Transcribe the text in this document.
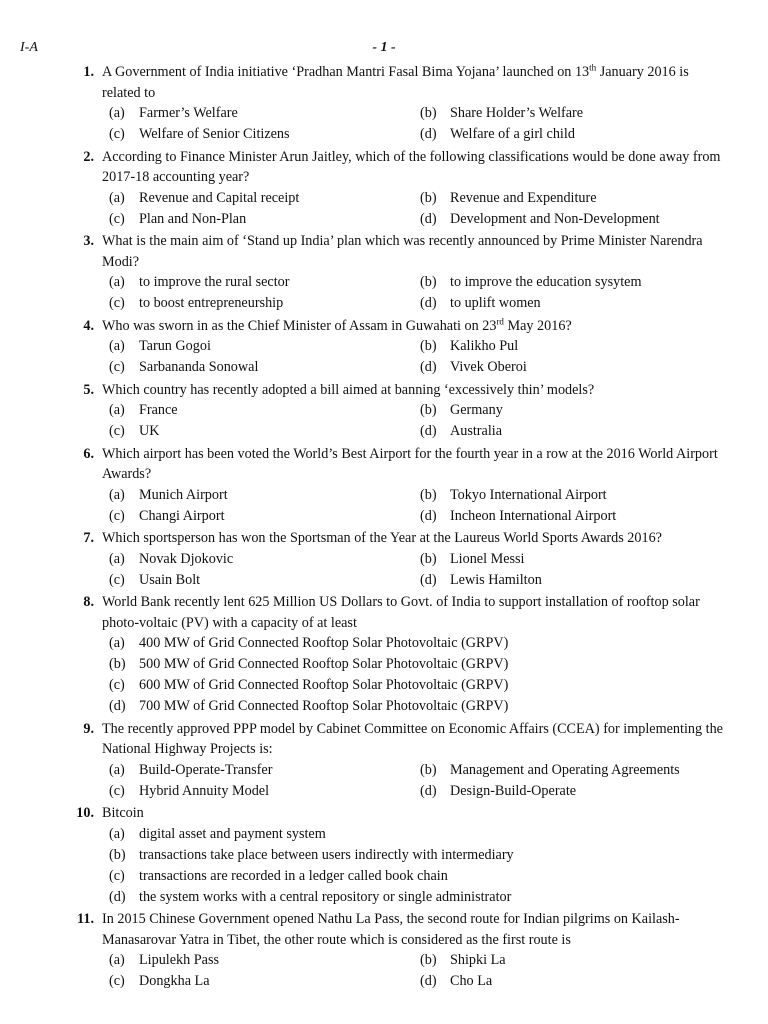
I-A	- 1 -
1. A Government of India initiative ‘Pradhan Mantri Fasal Bima Yojana’ launched on 13th January 2016 is related to
(a)	Farmer’s Welfare	(b) Share Holder’s Welfare
(c)	Welfare of Senior Citizens	(d) Welfare of a girl child
2. According to Finance Minister Arun Jaitley, which of the following classifications would be done away from 2017-18 accounting year?
(a)	Revenue and Capital receipt	(b) Revenue and Expenditure
(c)	Plan and Non-Plan	(d) Development and Non-Development
3. What is the main aim of ‘Stand up India’ plan which was recently announced by Prime Minister Narendra Modi?
(a)	to improve the rural sector	(b) to improve the education sysytem
(c)	to boost entrepreneurship	(d) to uplift women
4. Who was sworn in as the Chief Minister of Assam in Guwahati on 23rd May 2016?
(a)	Tarun Gogoi	(b) Kalikho Pul
(c)	Sarbananda Sonowal	(d) Vivek Oberoi
5. Which country has recently adopted a bill aimed at banning ‘excessively thin’ models?
(a)	France	(b) Germany
(c)	UK	(d) Australia
6. Which airport has been voted the World’s Best Airport for the fourth year in a row at the 2016 World Airport Awards?
(a)	Munich Airport	(b) Tokyo International Airport
(c)	Changi Airport	(d) Incheon International Airport
7. Which sportsperson has won the Sportsman of the Year at the Laureus World Sports Awards 2016?
(a)	Novak Djokovic	(b) Lionel Messi
(c)	Usain Bolt	(d) Lewis Hamilton
8. World Bank recently lent 625 Million US Dollars to Govt. of India to support installation of rooftop solar photo-voltaic (PV) with a capacity of at least
(a)	400 MW of Grid Connected Rooftop Solar Photovoltaic (GRPV)
(b) 500 MW of Grid Connected Rooftop Solar Photovoltaic (GRPV)
(c)	600 MW of Grid Connected Rooftop Solar Photovoltaic (GRPV)
(d) 700 MW of Grid Connected Rooftop Solar Photovoltaic (GRPV)
9. The recently approved PPP model by Cabinet Committee on Economic Affairs (CCEA) for implementing the National Highway Projects is:
(a)	Build-Operate-Transfer	(b) Management and Operating Agreements
(c)	Hybrid Annuity Model	(d) Design-Build-Operate
10. Bitcoin
(a)	digital asset and payment system
(b) transactions take place between users indirectly with intermediary
(c)	transactions are recorded in a ledger called book chain
(d) the system works with a central repository or single administrator
11. In 2015 Chinese Government opened Nathu La Pass, the second route for Indian pilgrims on Kailash-Manasarovar Yatra in Tibet, the other route which is considered as the first route is
(a)	Lipulekh Pass	(b) Shipki La
(c)	Dongkha La	(d) Cho La
